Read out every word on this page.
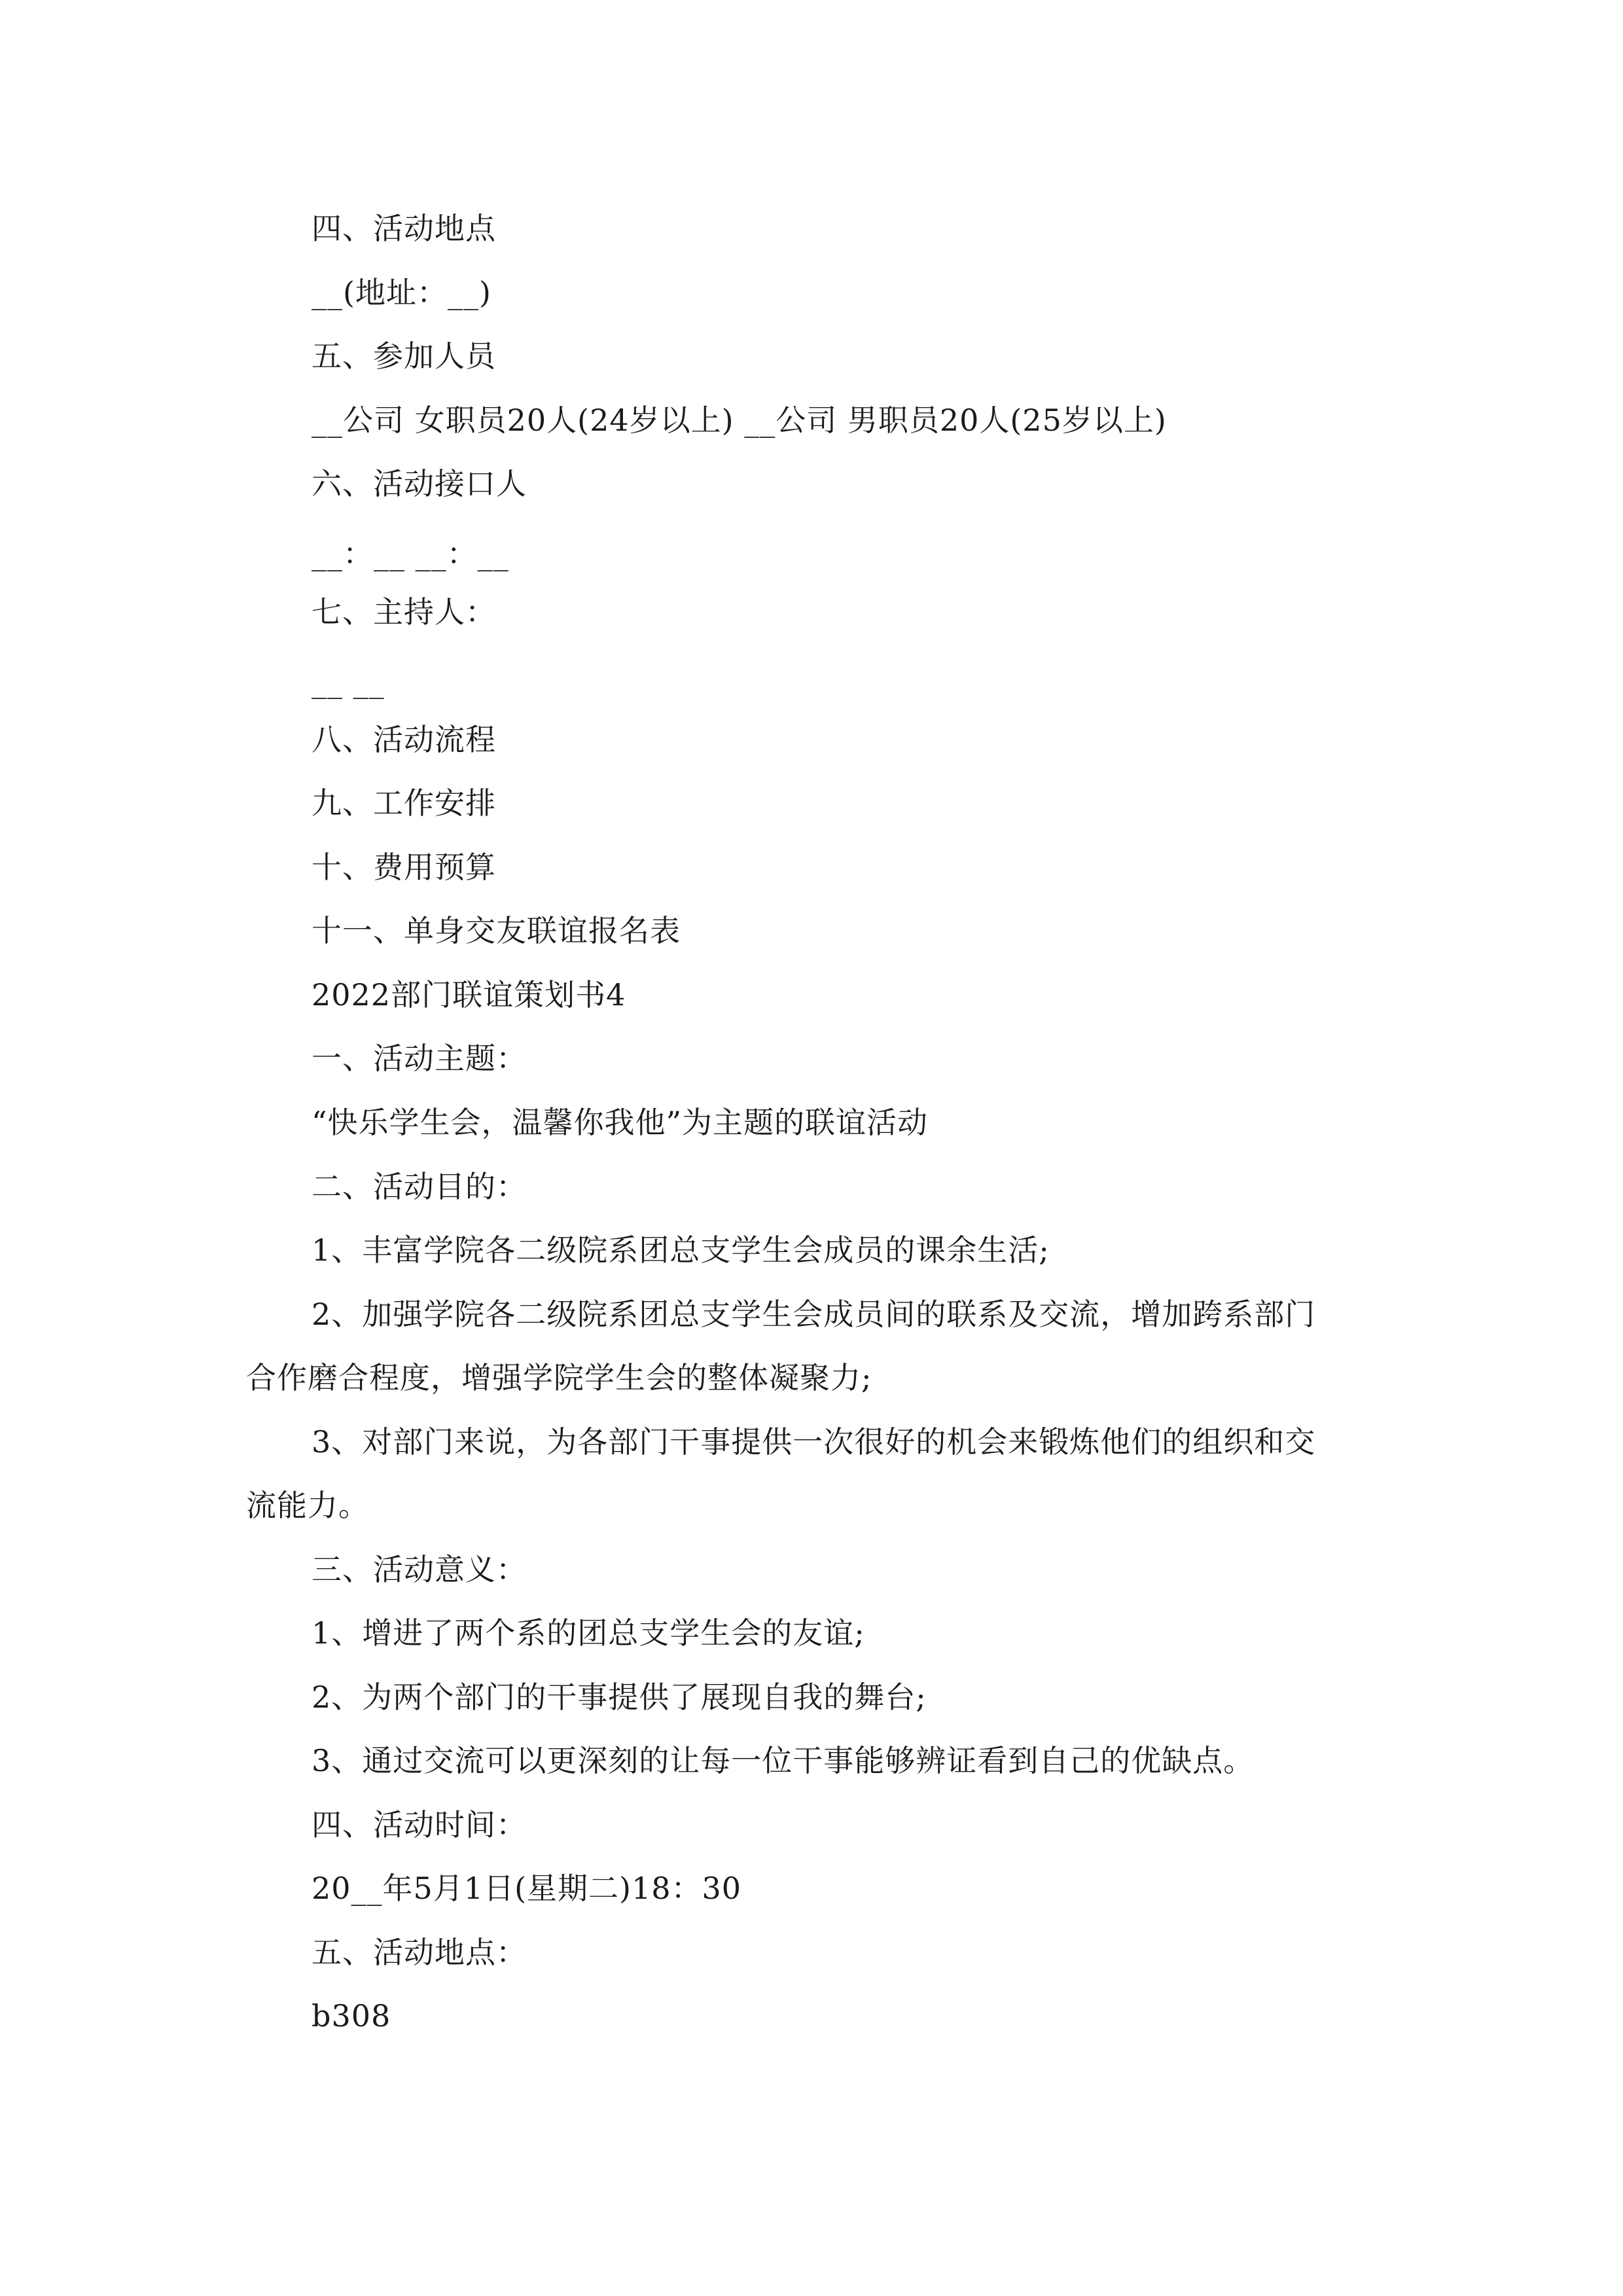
四、活动地点
__(地址：__)
五、参加人员
__公司 女职员20人(24岁以上) __公司 男职员20人(25岁以上)
六、活动接口人
__：__ __：__
七、主持人：
__ __
八、活动流程
九、工作安排
十、费用预算
十一、单身交友联谊报名表
2022部门联谊策划书4
一、活动主题：
“快乐学生会，温馨你我他”为主题的联谊活动
二、活动目的：
1、丰富学院各二级院系团总支学生会成员的课余生活;
2、加强学院各二级院系团总支学生会成员间的联系及交流，增加跨系部门
合作磨合程度，增强学院学生会的整体凝聚力;
3、对部门来说，为各部门干事提供一次很好的机会来锻炼他们的组织和交
流能力。
三、活动意义：
1、增进了两个系的团总支学生会的友谊;
2、为两个部门的干事提供了展现自我的舞台;
3、通过交流可以更深刻的让每一位干事能够辨证看到自己的优缺点。
四、活动时间：
20__年5月1日(星期二)18：30
五、活动地点：
b308
